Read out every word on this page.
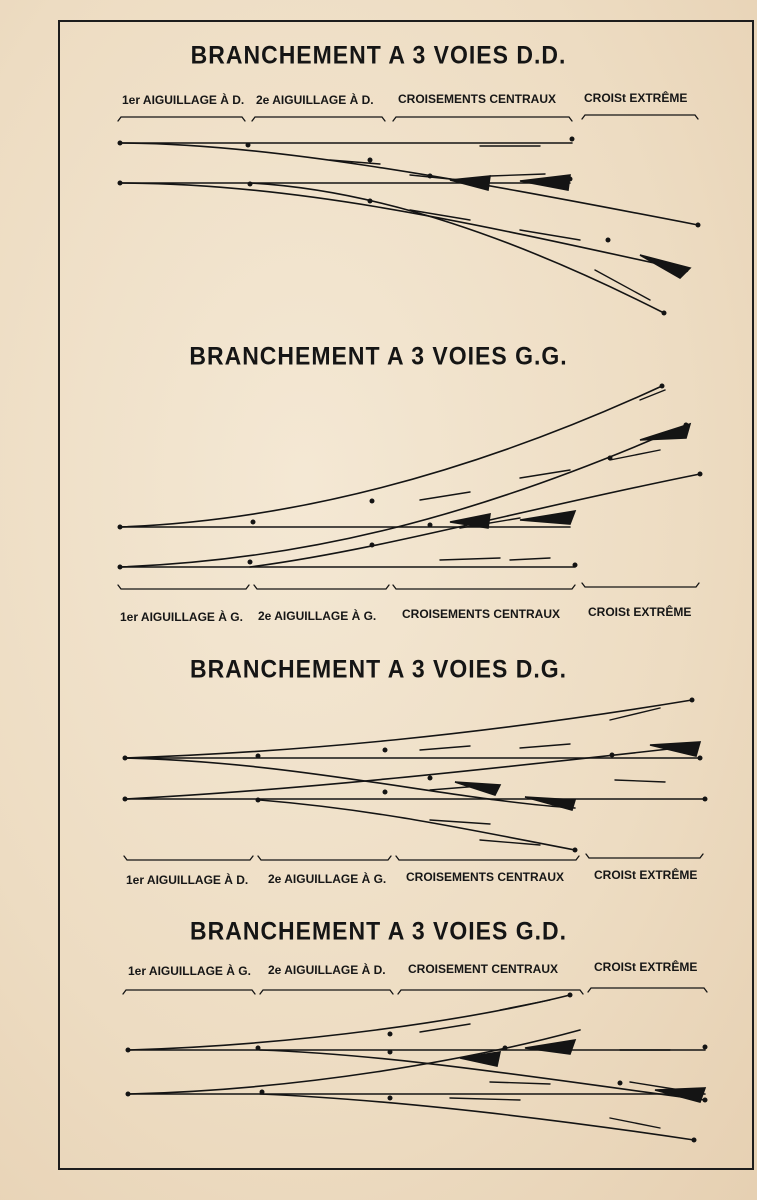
BRANCHEMENT A 3 VOIES D.D.
1er AIGUILLAGE À D. 2e AIGUILLAGE À D. CROISEMENTS CENTRAUX CROISt EXTRÊME
BRANCHEMENT A 3 VOIES G.G.
1er AIGUILLAGE À G. 2e AIGUILLAGE À G. CROISEMENTS CENTRAUX CROISt EXTRÊME
BRANCHEMENT A 3 VOIES D.G.
1er AIGUILLAGE À D. 2e AIGUILLAGE À G. CROISEMENTS CENTRAUX CROISt EXTRÊME
BRANCHEMENT A 3 VOIES G.D.
1er AIGUILLAGE À G. 2e AIGUILLAGE À D. CROISEMENT CENTRAUX	CROISt EXTRÊME
